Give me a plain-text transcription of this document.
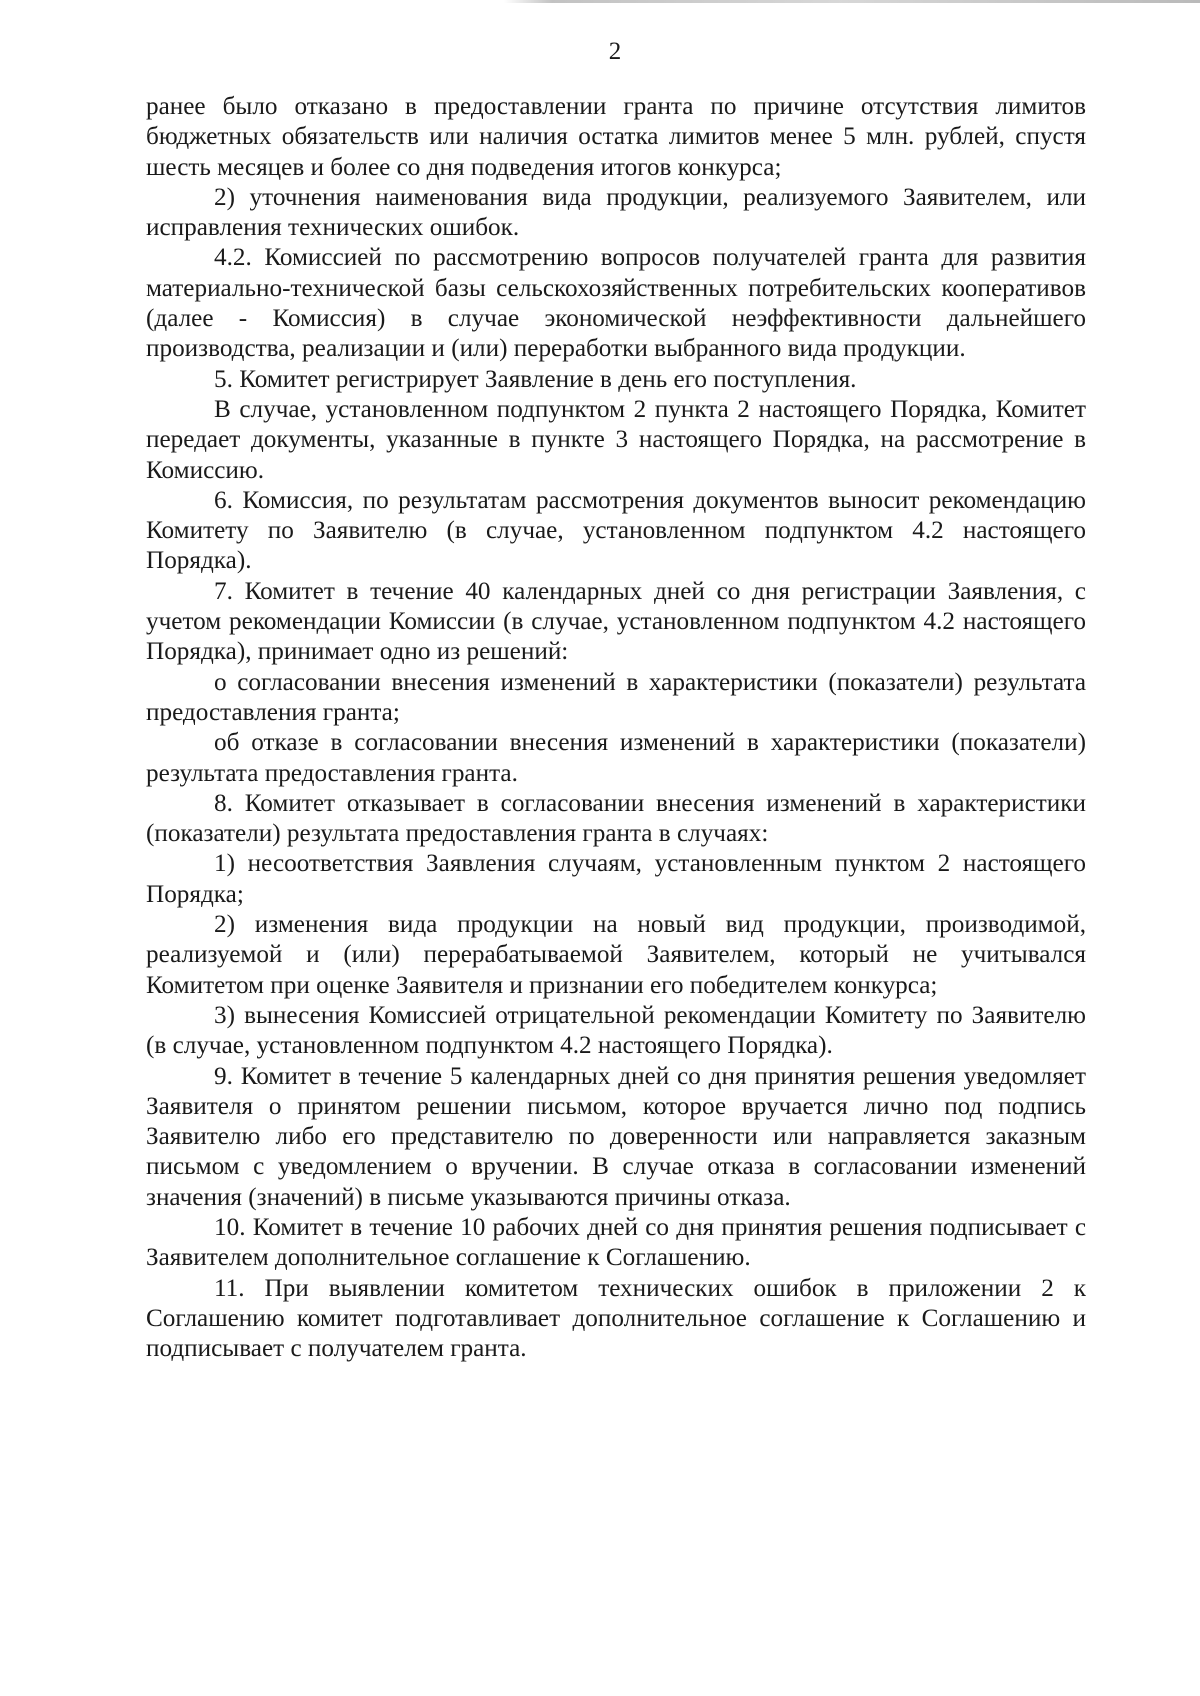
2

ранее было отказано в предоставлении гранта по причине отсутствия лимитов бюджетных обязательств или наличия остатка лимитов менее 5 млн. рублей, спустя шесть месяцев и более со дня подведения итогов конкурса;

2) уточнения наименования вида продукции, реализуемого Заявителем, или исправления технических ошибок.

4.2. Комиссией по рассмотрению вопросов получателей гранта для развития материально-технической базы сельскохозяйственных потребительских кооперативов (далее - Комиссия) в случае экономической неэффективности дальнейшего производства, реализации и (или) переработки выбранного вида продукции.

5. Комитет регистрирует Заявление в день его поступления.

В случае, установленном подпунктом 2 пункта 2 настоящего Порядка, Комитет передает документы, указанные в пункте 3 настоящего Порядка, на рассмотрение в Комиссию.

6. Комиссия, по результатам рассмотрения документов выносит рекомендацию Комитету по Заявителю (в случае, установленном подпунктом 4.2 настоящего Порядка).

7. Комитет в течение 40 календарных дней со дня регистрации Заявления, с учетом рекомендации Комиссии (в случае, установленном подпунктом 4.2 настоящего Порядка), принимает одно из решений:

о согласовании внесения изменений в характеристики (показатели) результата предоставления гранта;

об отказе в согласовании внесения изменений в характеристики (показатели) результата предоставления гранта.

8. Комитет отказывает в согласовании внесения изменений в характеристики (показатели) результата предоставления гранта в случаях:

1) несоответствия Заявления случаям, установленным пунктом 2 настоящего Порядка;

2) изменения вида продукции на новый вид продукции, производимой, реализуемой и (или) перерабатываемой Заявителем, который не учитывался Комитетом при оценке Заявителя и признании его победителем конкурса;

3) вынесения Комиссией отрицательной рекомендации Комитету по Заявителю (в случае, установленном подпунктом 4.2 настоящего Порядка).

9. Комитет в течение 5 календарных дней со дня принятия решения уведомляет Заявителя о принятом решении письмом, которое вручается лично под подпись Заявителю либо его представителю по доверенности или направляется заказным письмом с уведомлением о вручении. В случае отказа в согласовании изменений значения (значений) в письме указываются причины отказа.

10. Комитет в течение 10 рабочих дней со дня принятия решения подписывает с Заявителем дополнительное соглашение к Соглашению.

11. При выявлении комитетом технических ошибок в приложении 2 к Соглашению комитет подготавливает дополнительное соглашение к Соглашению и подписывает с получателем гранта.
